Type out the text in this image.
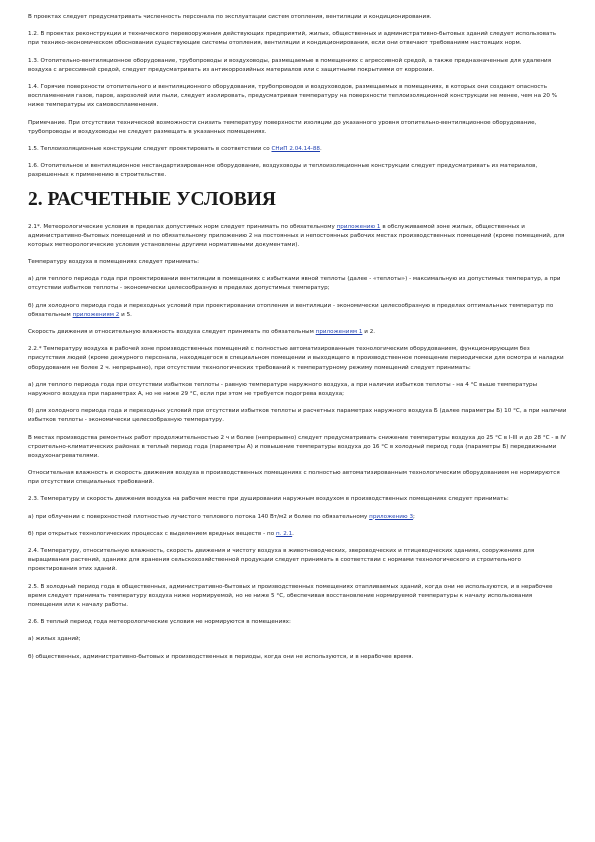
В проектах следует предусматривать численность персонала по эксплуатации систем отопления, вентиляции и кондиционирования.

1.2. В проектах реконструкции и технического перевооружения действующих предприятий, жилых, общественных и административно-бытовых зданий следует использовать при технико-экономическом обосновании существующие системы отопления, вентиляции и кондиционирования, если они отвечают требованиям настоящих норм.

1.3. Отопительно-вентиляционное оборудование, трубопроводы и воздуховоды, размещаемые в помещениях с агрессивной средой, а также предназначенные для удаления воздуха с агрессивной средой, следует предусматривать из антикоррозийных материалов или с защитными покрытиями от коррозии.

1.4. Горячие поверхности отопительного и вентиляционного оборудования, трубопроводов и воздуховодов, размещаемых в помещениях, в которых они создают опасность воспламенения газов, паров, аэрозолей или пыли, следует изолировать, предусматривая температуру на поверхности теплоизоляционной конструкции не менее, чем на 20 % ниже температуры их самовоспламенения.

Примечание. При отсутствии технической возможности снизить температуру поверхности изоляции до указанного уровня отопительно-вентиляционное оборудование, трубопроводы и воздуховоды не следует размещать в указанных помещениях.

1.5. Теплоизоляционные конструкции следует проектировать в соответствии со СНиП 2.04.14-88.

1.6. Отопительное и вентиляционное нестандартизированное оборудование, воздуховоды и теплоизоляционные конструкции следует предусматривать из материалов, разрешенных к применению в строительстве.

2. РАСЧЕТНЫЕ УСЛОВИЯ

2.1*. Метеорологические условия в пределах допустимых норм следует принимать по обязательному приложению 1 в обслуживаемой зоне жилых, общественных и административно-бытовых помещений и по обязательному приложению 2 на постоянных и непостоянных рабочих местах производственных помещений (кроме помещений, для которых метеорологические условия установлены другими нормативными документами).

Температуру воздуха в помещениях следует принимать:

а) для теплого периода года при проектировании вентиляции в помещениях с избытками явной теплоты (далее - «теплоты») - максимальную из допустимых температур, а при отсутствии избытков теплоты - экономически целесообразную в пределах допустимых температур;

б) для холодного периода года и переходных условий при проектировании отопления и вентиляции - экономически целесообразную в пределах оптимальных температур по обязательным приложениям 2 и 5.

Скорость движения и относительную влажность воздуха следует принимать по обязательным приложениям 1 и 2.

2.2.* Температуру воздуха в рабочей зоне производственных помещений с полностью автоматизированным технологическим оборудованием, функционирующим без присутствия людей (кроме дежурного персонала, находящегося в специальном помещении и выходящего в производственное помещение периодически для осмотра и наладки оборудования не более 2 ч. непрерывно), при отсутствии технологических требований к температурному режиму помещений следует принимать:

а) для теплого периода года при отсутствии избытков теплоты - равную температуре наружного воздуха, а при наличии избытков теплоты - на 4 °С выше температуры наружного воздуха при параметрах А, но не ниже 29 °С, если при этом не требуется подогрева воздуха;

б) для холодного периода года и переходных условий при отсутствии избытков теплоты и расчетных параметрах наружного воздуха Б (далее параметры Б) 10 °С, а при наличии избытков теплоты - экономически целесообразную температуру.

В местах производства ремонтных работ продолжительностью 2 ч и более (непрерывно) следует предусматривать снижение температуры воздуха до 25 °С в I-III и до 28 °С - в IV строительно-климатических районах в теплый период года (параметры А) и повышение температуры воздуха до 16 °С в холодный период года (параметры Б) передвижными воздухонагревателями.

Относительная влажность и скорость движения воздуха в производственных помещениях с полностью автоматизированным технологическим оборудованием не нормируются при отсутствии специальных требований.

2.3. Температуру и скорость движения воздуха на рабочем месте при душировании наружным воздухом в производственных помещениях следует принимать:

а) при облучении с поверхностной плотностью лучистого теплового потока 140 Вт/м2 и более по обязательному приложению 3;

б) при открытых технологических процессах с выделением вредных веществ - по п. 2.1.

2.4. Температуру, относительную влажность, скорость движения и чистоту воздуха в животноводческих, звероводческих и птицеводческих зданиях, сооружениях для выращивания растений, зданиях для хранения сельскохозяйственной продукции следует принимать в соответствии с нормами технологического и строительного проектирования этих зданий.

2.5. В холодный период года в общественных, административно-бытовых и производственных помещениях отапливаемых зданий, когда они не используются, и в нерабочее время следует принимать температуру воздуха ниже нормируемой, но не ниже 5 °С, обеспечивая восстановление нормируемой температуры к началу использования помещения или к началу работы.

2.6. В теплый период года метеорологические условия не нормируются в помещениях:

а) жилых зданий;

б) общественных, административно-бытовых и производственных в периоды, когда они не используются, и в нерабочее время.
